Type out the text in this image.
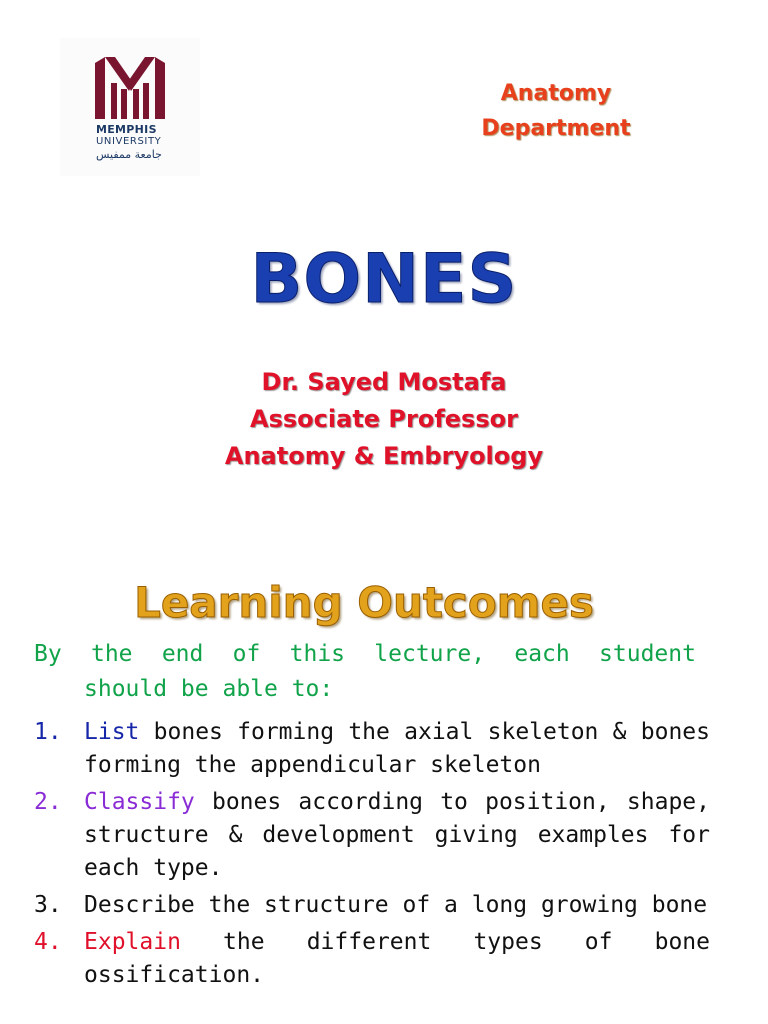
MEMPHIS
UNIVERSITY
جامعة ممفيس
Anatomy
Department
BONES
Dr. Sayed Mostafa
Associate Professor
Anatomy & Embryology
Learning Outcomes
By the end of this lecture, each student
should be able to:
1. List bones forming the axial skeleton & bones forming the appendicular skeleton
2. Classify bones according to position, shape, structure & development giving examples for each type.
3. Describe the structure of a long growing bone
4. Explain the different types of bone ossification.
